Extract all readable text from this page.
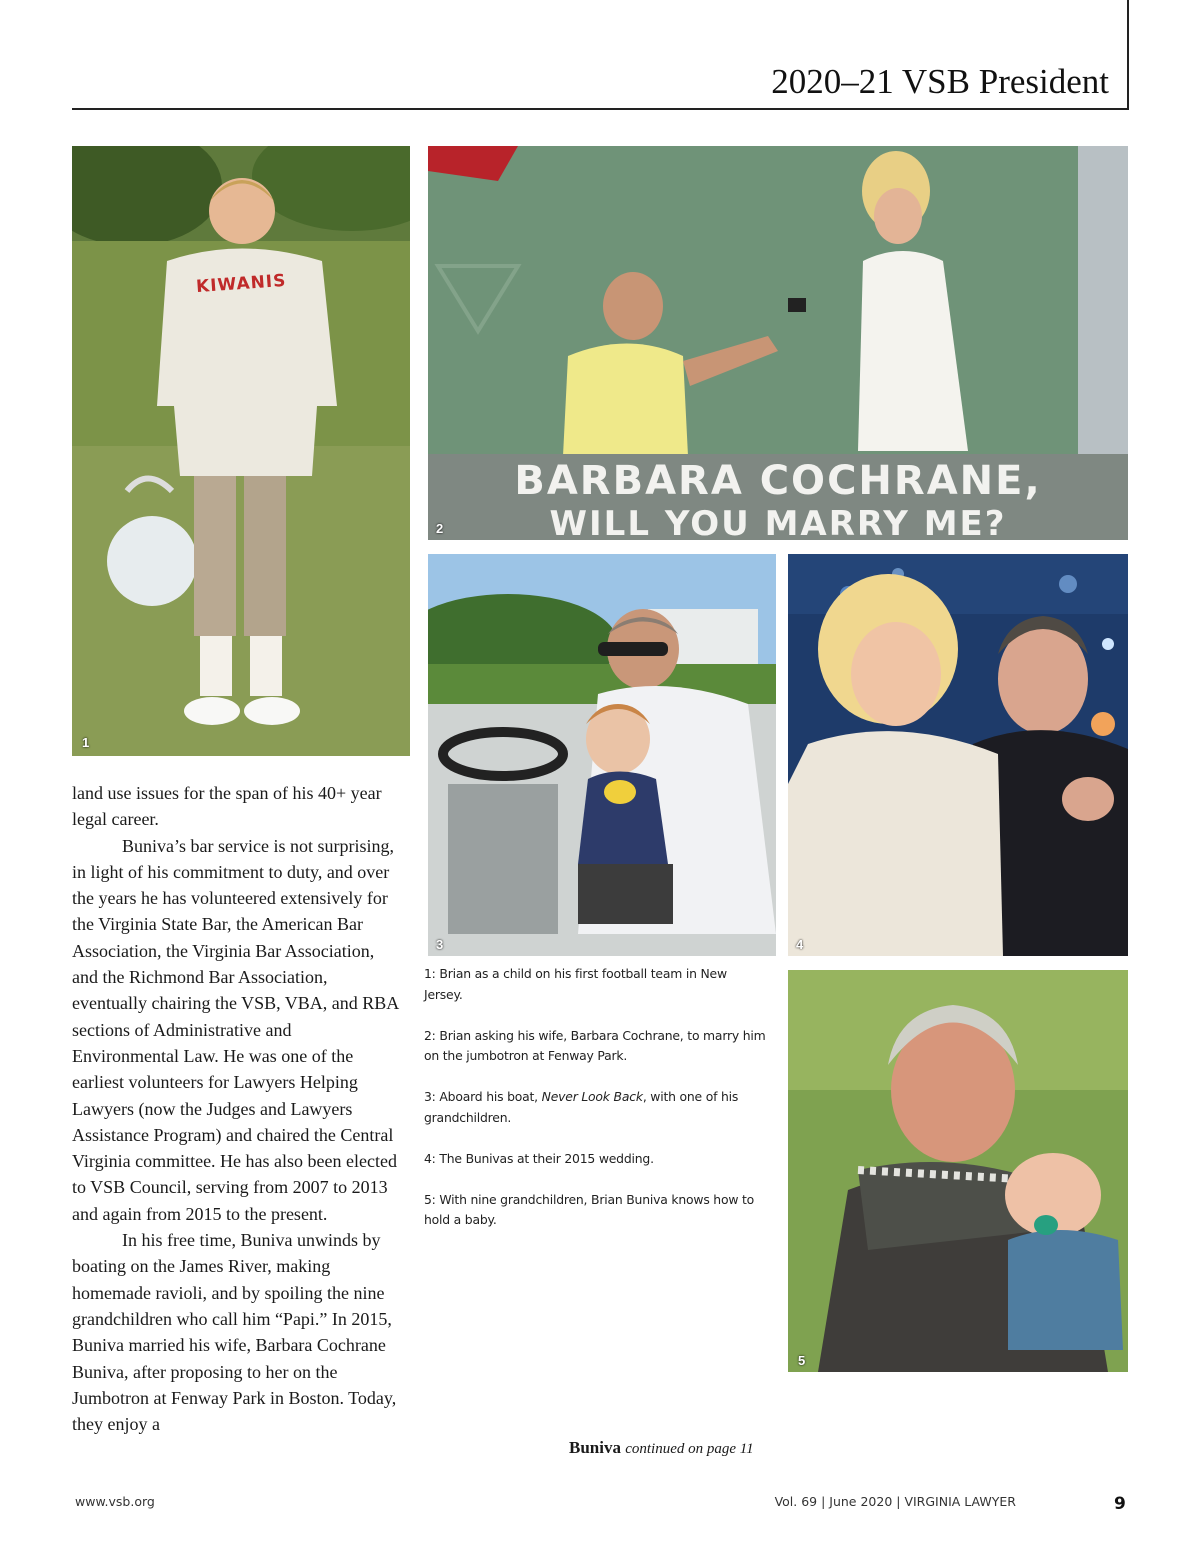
2020–21 VSB President
KIWANIS
1
BARBARA COCHRANE,
WILL YOU MARRY ME?
2
3	4
5

land use issues for the span of his 40+ year legal career.

Buniva’s bar service is not surprising, in light of his commitment to duty, and over the years he has volunteered extensively for the Virginia State Bar, the American Bar Association, the Virginia Bar Association, and the Richmond Bar Association, eventually chairing the VSB, VBA, and RBA sections of Administrative and Environmental Law. He was one of the earliest volunteers for Lawyers Helping Lawyers (now the Judges and Lawyers Assistance Program) and chaired the Central Virginia committee. He has also been elected to VSB Council, serving from 2007 to 2013 and again from 2015 to the present.

In his free time, Buniva unwinds by boating on the James River, making homemade ravioli, and by spoiling the nine grandchildren who call him “Papi.” In 2015, Buniva married his wife, Barbara Cochrane Buniva, after proposing to her on the Jumbotron at Fenway Park in Boston. Today, they enjoy a

1: Brian as a child on his first football team in New Jersey.

2: Brian asking his wife, Barbara Cochrane, to marry him on the jumbotron at Fenway Park.

3: Aboard his boat, Never Look Back, with one of his grandchildren.

4: The Bunivas at their 2015 wedding.

5: With nine grandchildren, Brian Buniva knows how to hold a baby.

Buniva continued on page 11
www.vsb.org	Vol. 69 | June 2020 | VIRGINIA LAWYER	9
